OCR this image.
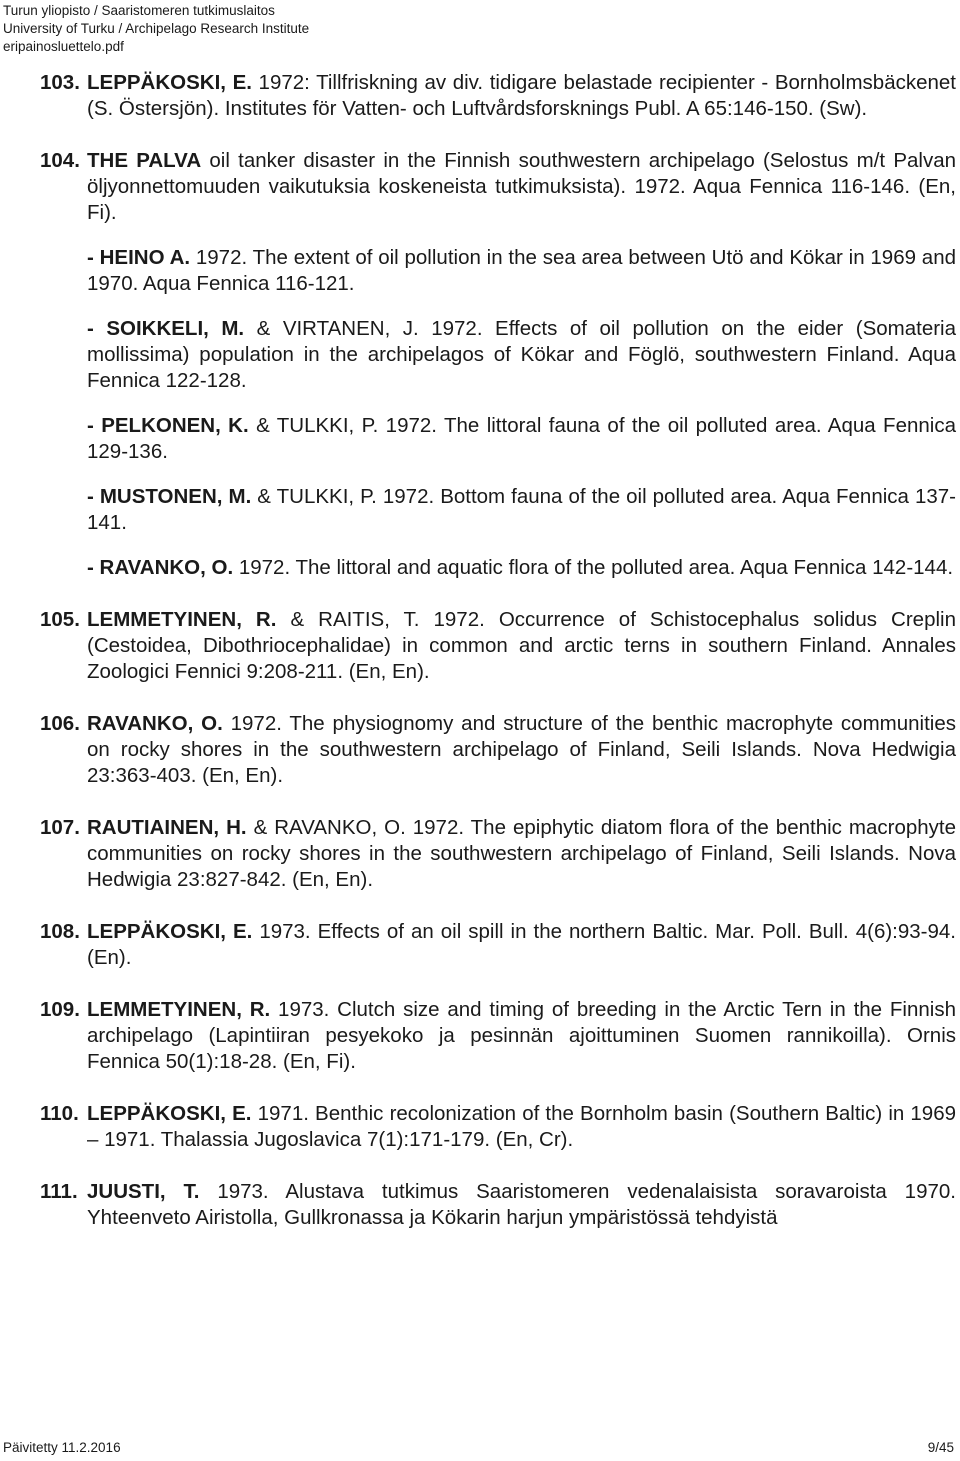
Turun yliopisto / Saaristomeren tutkimuslaitos
University of Turku / Archipelago Research Institute
eripainosluettelo.pdf
103. LEPPÄKOSKI, E. 1972: Tillfriskning av div. tidigare belastade recipienter - Bornholmsbäckenet (S. Östersjön). Institutes för Vatten- och Luftvårdsforsknings Publ. A 65:146-150. (Sw).

104. THE PALVA oil tanker disaster in the Finnish southwestern archipelago (Selostus m/t Palvan öljyonnettomuuden vaikutuksia koskeneista tutkimuksista). 1972. Aqua Fennica 116-146. (En, Fi).

- HEINO A. 1972. The extent of oil pollution in the sea area between Utö and Kökar in 1969 and 1970. Aqua Fennica 116-121.

- SOIKKELI, M. & VIRTANEN, J. 1972. Effects of oil pollution on the eider (Somateria mollissima) population in the archipelagos of Kökar and Föglö, southwestern Finland. Aqua Fennica 122-128.

- PELKONEN, K. & TULKKI, P. 1972. The littoral fauna of the oil polluted area. Aqua Fennica 129-136.

- MUSTONEN, M. & TULKKI, P. 1972. Bottom fauna of the oil polluted area. Aqua Fennica 137-141.

- RAVANKO, O. 1972. The littoral and aquatic flora of the polluted area. Aqua Fennica 142-144.

105. LEMMETYINEN, R. & RAITIS, T. 1972. Occurrence of Schistocephalus solidus Creplin (Cestoidea, Dibothriocephalidae) in common and arctic terns in southern Finland. Annales Zoologici Fennici 9:208-211. (En, En).

106. RAVANKO, O. 1972. The physiognomy and structure of the benthic macrophyte communities on rocky shores in the southwestern archipelago of Finland, Seili Islands. Nova Hedwigia 23:363-403. (En, En).

107. RAUTIAINEN, H. & RAVANKO, O. 1972. The epiphytic diatom flora of the benthic macrophyte communities on rocky shores in the southwestern archipelago of Finland, Seili Islands. Nova Hedwigia 23:827-842. (En, En).

108. LEPPÄKOSKI, E. 1973. Effects of an oil spill in the northern Baltic. Mar. Poll. Bull. 4(6):93-94. (En).

109. LEMMETYINEN, R. 1973. Clutch size and timing of breeding in the Arctic Tern in the Finnish archipelago (Lapintiiran pesyekoko ja pesinnän ajoittuminen Suomen rannikoilla). Ornis Fennica 50(1):18-28. (En, Fi).

110. LEPPÄKOSKI, E. 1971. Benthic recolonization of the Bornholm basin (Southern Baltic) in 1969 – 1971. Thalassia Jugoslavica 7(1):171-179. (En, Cr).

111. JUUSTI, T. 1973. Alustava tutkimus Saaristomeren vedenalaisista soravaroista 1970. Yhteenveto Airistolla, Gullkronassa ja Kökarin harjun ympäristössä tehdyistä

Päivitetty 11.2.2016	9/45
